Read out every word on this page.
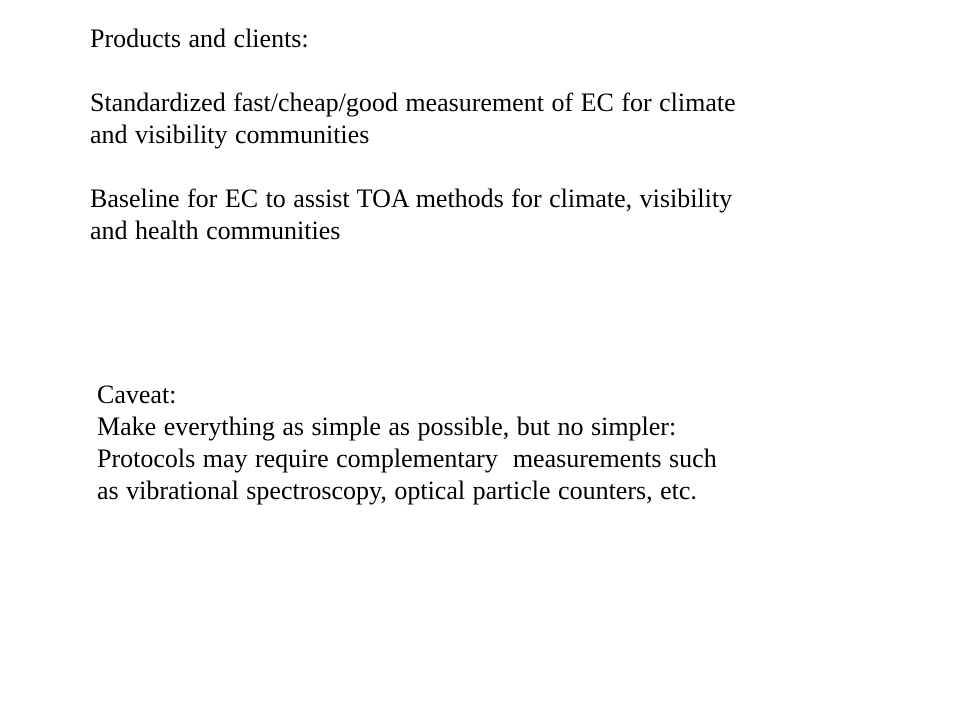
Products and clients:

Standardized fast/cheap/good measurement of EC for climate

and visibility communities

Baseline for EC to assist TOA methods for climate, visibility

and health communities

Caveat:

Make everything as simple as possible, but no simpler:

Protocols may require complementary  measurements such

as vibrational spectroscopy, optical particle counters, etc.
